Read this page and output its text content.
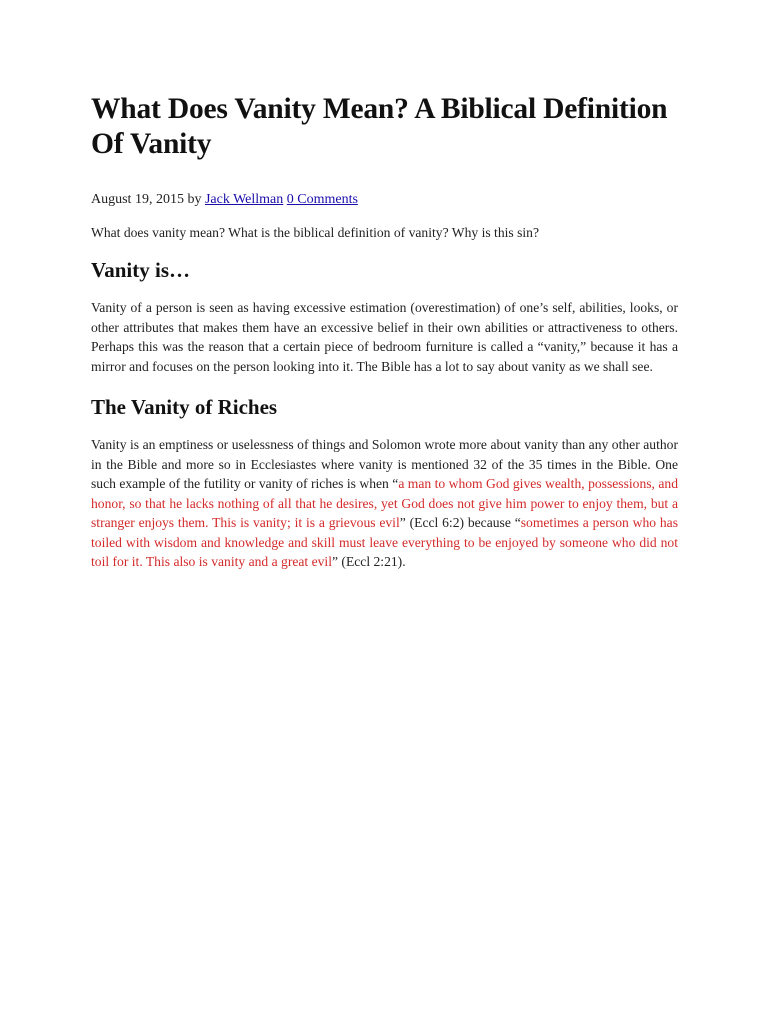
What Does Vanity Mean? A Biblical Definition Of Vanity
August 19, 2015 by Jack Wellman 0 Comments
What does vanity mean? What is the biblical definition of vanity? Why is this sin?
Vanity is…

Vanity of a person is seen as having excessive estimation (overestimation) of one’s self, abilities, looks, or other attributes that makes them have an excessive belief in their own abilities or attractiveness to others. Perhaps this was the reason that a certain piece of bedroom furniture is called a “vanity,” because it has a mirror and focuses on the person looking into it. The Bible has a lot to say about vanity as we shall see.

The Vanity of Riches

Vanity is an emptiness or uselessness of things and Solomon wrote more about vanity than any other author in the Bible and more so in Ecclesiastes where vanity is mentioned 32 of the 35 times in the Bible. One such example of the futility or vanity of riches is when “a man to whom God gives wealth, possessions, and honor, so that he lacks nothing of all that he desires, yet God does not give him power to enjoy them, but a stranger enjoys them. This is vanity; it is a grievous evil” (Eccl 6:2) because “sometimes a person who has toiled with wisdom and knowledge and skill must leave everything to be enjoyed by someone who did not toil for it. This also is vanity and a great evil” (Eccl 2:21).
